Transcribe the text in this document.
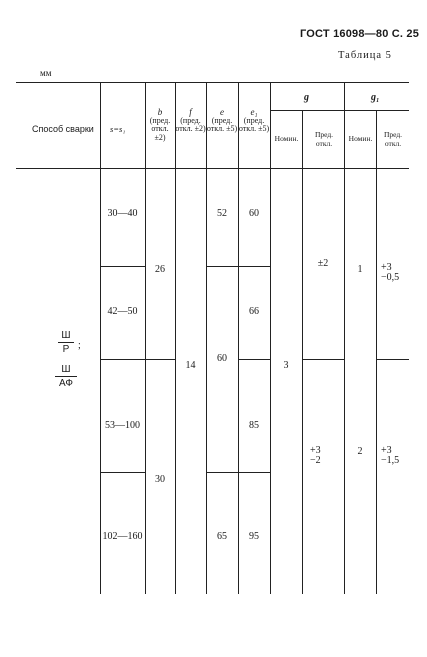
ГОСТ 16098—80 С. 25
Таблица 5
мм
Способ сварки s=s₁
b
(пред. откл. ±2)
f
(пред. откл. ±2)
e
(пред. откл. ±5)
e₁
(пред. откл. ±5)
g
Номин.	Пред. откл.
g₁
Номин.	Пред. откл.
Ш
Р ;
Ш
АФ
30—40
42—50
53—100
102—160
26
30
14
52
60
65
60
66
85
95
3
±2
+3
−2
1
2
+3
−0,5
+3
−1,5
